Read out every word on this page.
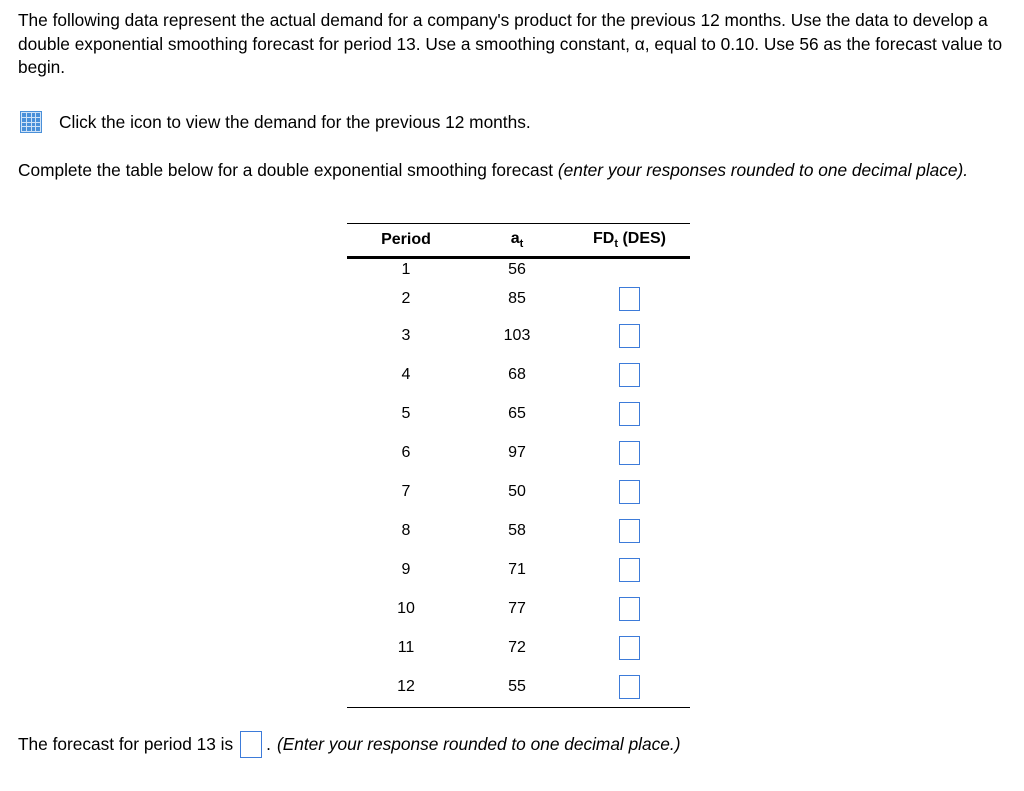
The following data represent the actual demand for a company's product for the previous 12 months. Use the data to develop a double exponential smoothing forecast for period 13. Use a smoothing constant, α, equal to 0.10. Use 56 as the forecast value to begin.
Click the icon to view the demand for the previous 12 months.
Complete the table below for a double exponential smoothing forecast (enter your responses rounded to one decimal place).
Period	$a_t$	$FD_t$ (DES)
1	56	
2	85	
3	103	
4	68	
5	65	
6	97	
7	50	
8	58	
9	71	
10	77	
11	72	
12	55	
The forecast for period 13 is . (Enter your response rounded to one decimal place.)
